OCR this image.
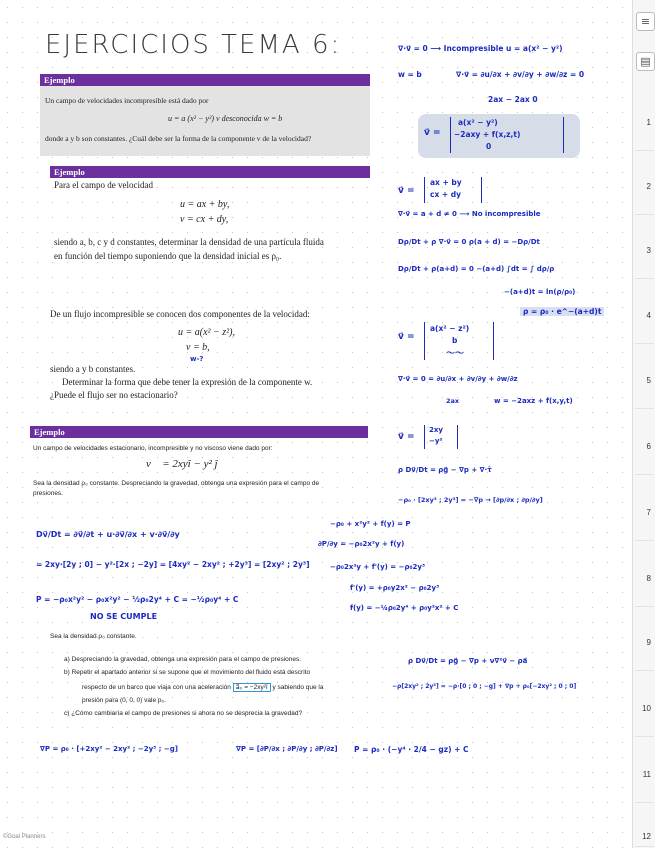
EJERCICIOS TEMA 6:
Ejemplo
Un campo de velocidades incompresible está dado por
u = a (x² − y²) v desconocida w = b
donde a y b son constantes. ¿Cuál debe ser la forma de la componente v de la velocidad?
Ejemplo
Para el campo de velocidad
u = ax + by,
v = cx + dy,
siendo a, b, c y d constantes, determinar la densidad de una partícula fluida
en función del tiempo suponiendo que la densidad inicial es ρ₀.
De un flujo incompresible se conocen dos componentes de la velocidad:
u = a(x² − z²),
v = b,
w-?
siendo a y b constantes.
Determinar la forma que debe tener la expresión de la componente w.
¿Puede el flujo ser no estacionario?
Ejemplo
Un campo de velocidades estacionario, incompresible y no viscoso viene dado por:
v⃗ = 2xyî − y² ĵ
Sea la densidad ρ₀ constante. Despreciando la gravedad, obtenga una expresión para el campo de
presiones.
Dv⃗/Dt = ∂v⃗/∂t + u·∂v⃗/∂x + v·∂v⃗/∂y
= 2xy·[2y ; 0] − y²·[2x ; −2y] = [4xy² − 2xy² ; +2y³] = [2xy² ; 2y³]
P = −ρ₀x²y² − ρ₀x²y² − ½ρ₀2y⁴ + C = −½ρ₀y⁴ + C
NO SE CUMPLE
−ρ₀ + x²y² + f(y) = P
∂P/∂y = −ρ₀2x²y + f(y)
−ρ₀2x²y + f'(y) = −ρ₀2y³
f'(y) = +ρ₀y2x² − ρ₀2y³
f(y) = −¼ρ₀2y⁴ + ρ₀y²x² + C
Sea la densidad ρ₀ constante.
a) Despreciando la gravedad, obtenga una expresión para el campo de presiones.
b) Repetir el apartado anterior si se supone que el movimiento del fluido está descrito
respecto de un barco que viaja con una aceleración a⃗₀ = −2xy²î y sabiendo que la
presión para (0, 0, 0) vale p₀.
c) ¿Cómo cambiaría el campo de presiones si ahora no se desprecia la gravedad?
∇P = ρ₀ · [+2xy² − 2xy² ; −2y³ ; −g]	∇P = [∂P/∂x ; ∂P/∂y ; ∂P/∂z] P = ρ₀ · (−y⁴ · 2/4 − gz) + C
∇·v⃗ = 0 ⟶ Incompresible u = a(x² − y²)
w = b	∇·v⃗ = ∂u/∂x + ∂v/∂y + ∂w/∂z = 0
2ax − 2ax 0
v⃗ =
a(x² − y²)
−2axy + f(x,z,t)
0
v⃗ =
ax + by
cx + dy
∇·v⃗ = a + d ≠ 0 ⟶ No incompresible
Dρ/Dt + ρ ∇·v⃗ = 0 ρ(a + d) = −Dρ/Dt
Dρ/Dt + ρ(a+d) = 0 −(a+d) ∫dt = ∫ dρ/ρ
−(a+d)t = ln(ρ/ρ₀)
ρ = ρ₀ · e^−(a+d)t
v⃗ =
a(x² − z²)
b
〜〜
∇·v⃗ = 0 = ∂u/∂x + ∂v/∂y + ∂w/∂z
2ax	w = −2axz + f(x,y,t)
v⃗ =
2xy
−y²
ρ Dv⃗/Dt = ρg⃗ − ∇p + ∇·τ̄
−ρ₀ · [2xy³ ; 2y³] = −∇p → [∂p/∂x ; ∂p/∂y]
ρ Dv⃗/Dt = ρg⃗ − ∇p + ν∇²v⃗ − ρa⃗
−ρ[2xy² ; 2y³] = −ρ·[0 ; 0 ; −g] + ∇p + ρ₀[−2xy² ; 0 ; 0]
©Goal Planners
≡
▤
1
2
3
4
5
6
7
8
9
10
11
12
